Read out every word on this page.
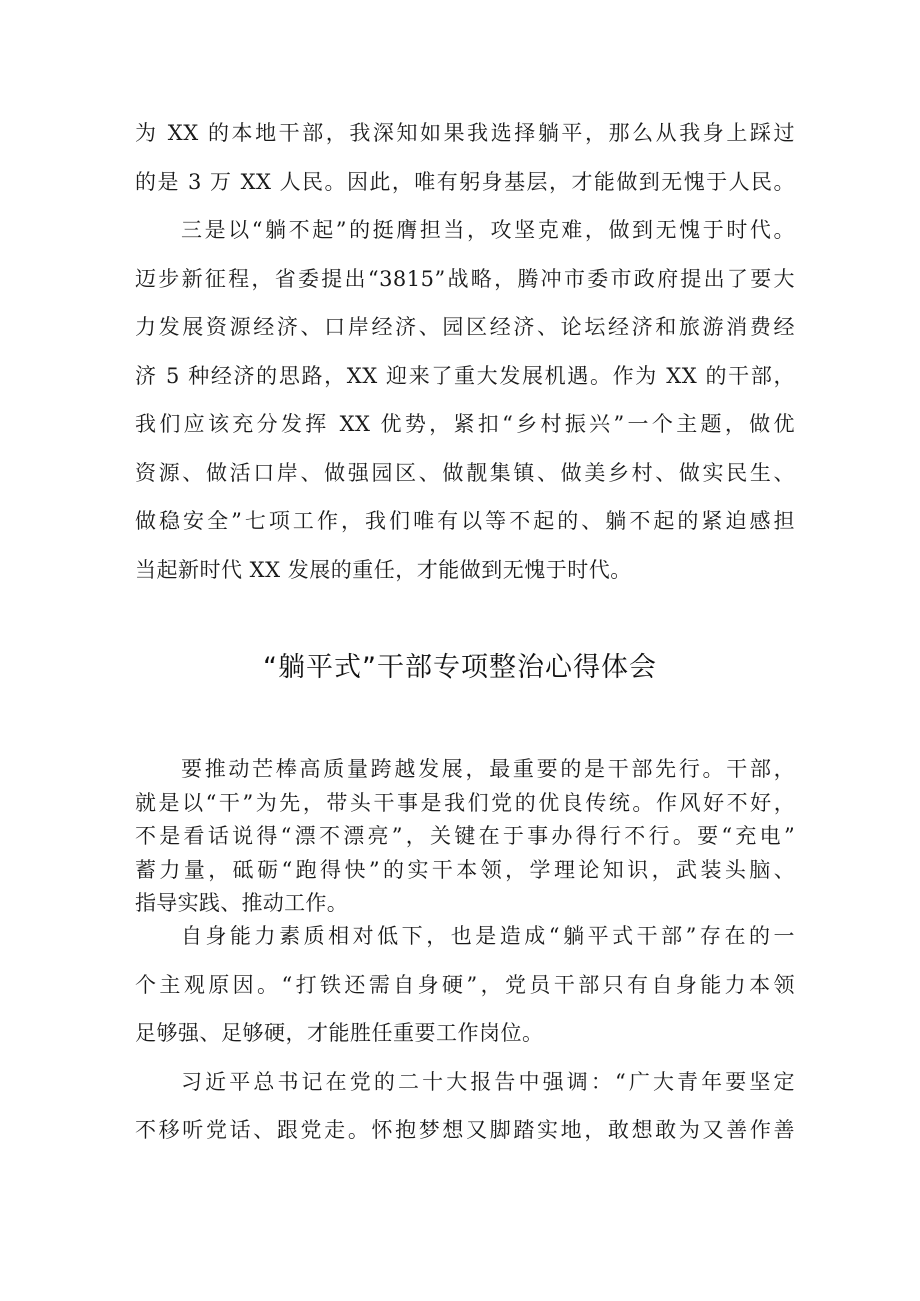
为 XX 的本地干部，我深知如果我选择躺平，那么从我身上踩过
的是 3 万 XX 人民。因此，唯有躬身基层，才能做到无愧于人民。
三是以“躺不起”的挺膺担当，攻坚克难，做到无愧于时代。
迈步新征程，省委提出“3815”战略，腾冲市委市政府提出了要大
力发展资源经济、口岸经济、园区经济、论坛经济和旅游消费经
济 5 种经济的思路，XX 迎来了重大发展机遇。作为 XX 的干部，
我们应该充分发挥 XX 优势，紧扣“乡村振兴”一个主题，做优
资源、做活口岸、做强园区、做靓集镇、做美乡村、做实民生、
做稳安全”七项工作，我们唯有以等不起的、躺不起的紧迫感担
当起新时代 XX 发展的重任，才能做到无愧于时代。
“躺平式”干部专项整治心得体会
要推动芒棒高质量跨越发展，最重要的是干部先行。干部，
就是以“干”为先，带头干事是我们党的优良传统。作风好不好，
不是看话说得“漂不漂亮”，关键在于事办得行不行。要“充电”
蓄力量，砥砺“跑得快”的实干本领，学理论知识，武装头脑、
指导实践、推动工作。
自身能力素质相对低下，也是造成“躺平式干部”存在的一
个主观原因。“打铁还需自身硬”，党员干部只有自身能力本领
足够强、足够硬，才能胜任重要工作岗位。
习近平总书记在党的二十大报告中强调：“广大青年要坚定
不移听党话、跟党走。怀抱梦想又脚踏实地，敢想敢为又善作善
